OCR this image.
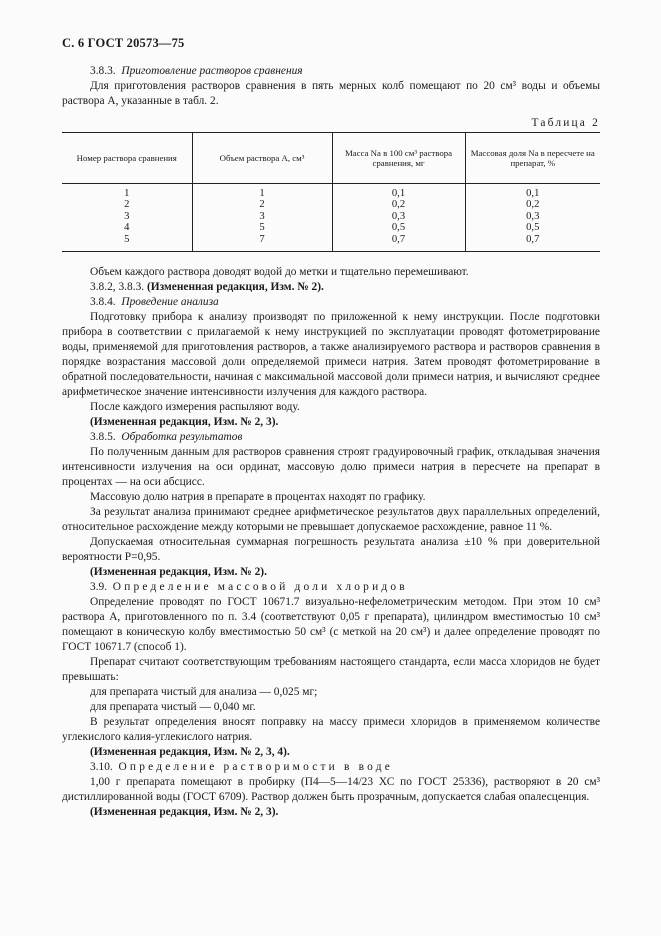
С. 6 ГОСТ 20573—75

3.8.3. Приготовление растворов сравнения

Для приготовления растворов сравнения в пять мерных колб помещают по 20 см³ воды и объемы раствора А, указанные в табл. 2.

Таблица 2
Номер раствора сравнения	Объем раствора А, см³	Масса Na в 100 см³ раствора сравнения, мг	Массовая доля Na в пересчете на препарат, %
1	1	0,1	0,1
2	2	0,2	0,2
3	3	0,3	0,3
4	5	0,5	0,5
5	7	0,7	0,7

Объем каждого раствора доводят водой до метки и тщательно перемешивают.

3.8.2, 3.8.3. (Измененная редакция, Изм. № 2).

3.8.4. Проведение анализа

Подготовку прибора к анализу производят по приложенной к нему инструкции. После подготовки прибора в соответствии с прилагаемой к нему инструкцией по эксплуатации проводят фотометрирование воды, применяемой для приготовления растворов, а также анализируемого раствора и растворов сравнения в порядке возрастания массовой доли определяемой примеси натрия. Затем проводят фотометрирование в обратной последовательности, начиная с максимальной массовой доли примеси натрия, и вычисляют среднее арифметическое значение интенсивности излучения для каждого раствора.

После каждого измерения распыляют воду.

(Измененная редакция, Изм. № 2, 3).

3.8.5. Обработка результатов

По полученным данным для растворов сравнения строят градуировочный график, откладывая значения интенсивности излучения на оси ординат, массовую долю примеси натрия в пересчете на препарат в процентах — на оси абсцисс.

Массовую долю натрия в препарате в процентах находят по графику.

За результат анализа принимают среднее арифметическое результатов двух параллельных определений, относительное расхождение между которыми не превышает допускаемое расхождение, равное 11 %.

Допускаемая относительная суммарная погрешность результата анализа ±10 % при доверительной вероятности Р=0,95.

(Измененная редакция, Изм. № 2).

3.9. Определение массовой доли хлоридов

Определение проводят по ГОСТ 10671.7 визуально-нефелометрическим методом. При этом 10 см³ раствора А, приготовленного по п. 3.4 (соответствуют 0,05 г препарата), цилиндром вместимостью 10 см³ помещают в коническую колбу вместимостью 50 см³ (с меткой на 20 см³) и далее определение проводят по ГОСТ 10671.7 (способ 1).

Препарат считают соответствующим требованиям настоящего стандарта, если масса хлоридов не будет превышать:

для препарата чистый для анализа — 0,025 мг;
для препарата чистый — 0,040 мг.

В результат определения вносят поправку на массу примеси хлоридов в применяемом количестве углекислого калия-углекислого натрия.

(Измененная редакция, Изм. № 2, 3, 4).

3.10. Определение растворимости в воде

1,00 г препарата помещают в пробирку (П4—5—14/23 ХС по ГОСТ 25336), растворяют в 20 см³ дистиллированной воды (ГОСТ 6709). Раствор должен быть прозрачным, допускается слабая опалесценция.

(Измененная редакция, Изм. № 2, 3).
